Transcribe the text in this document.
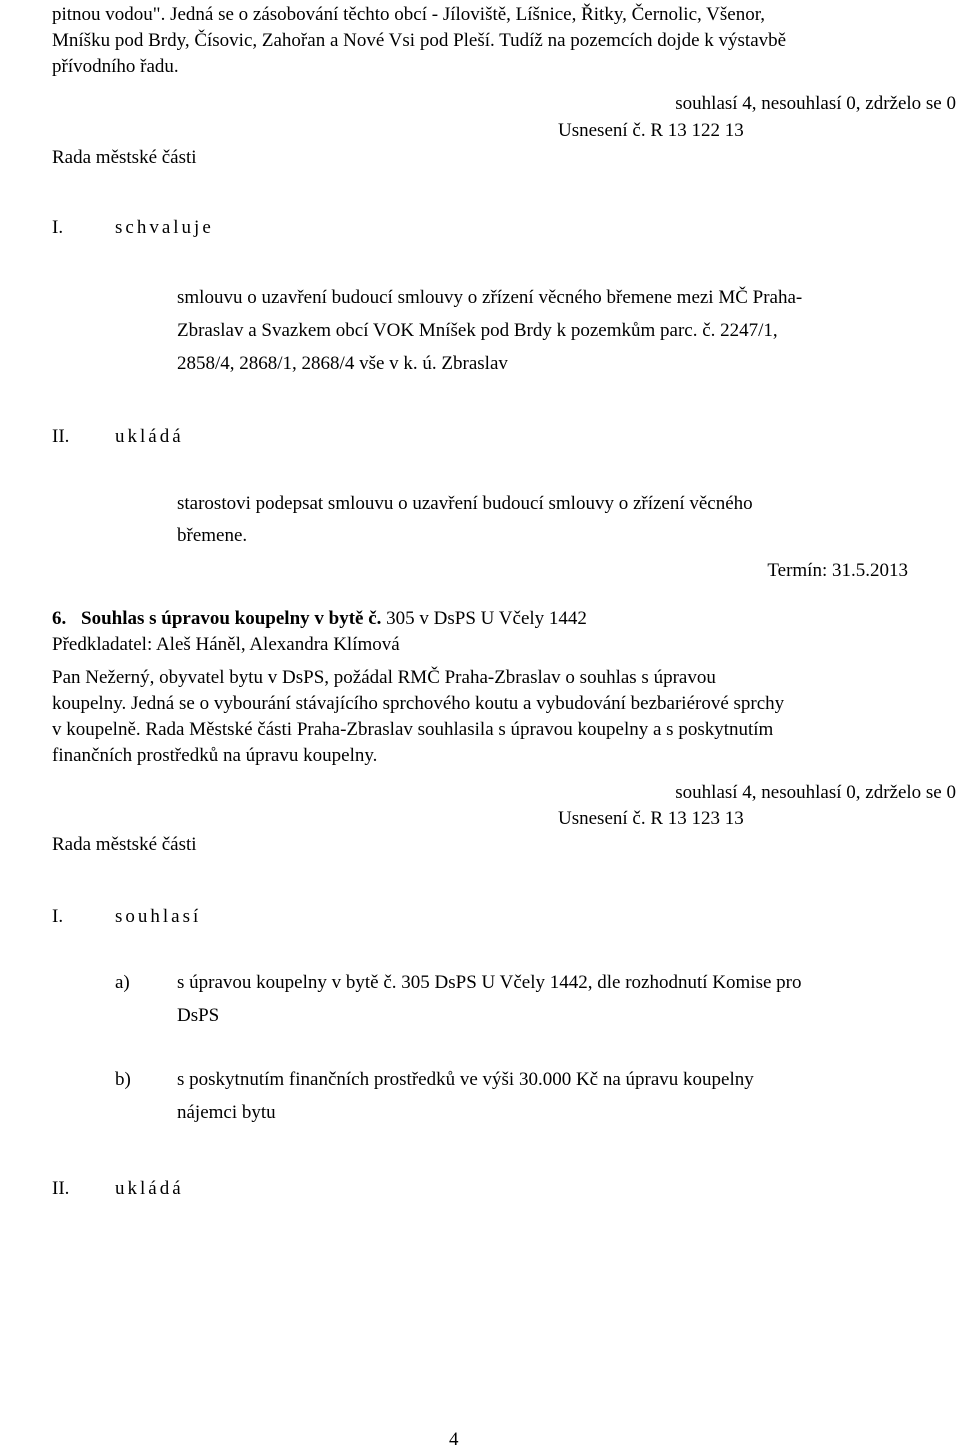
pitnou vodou". Jedná se o zásobování těchto obcí - Jíloviště, Líšnice, Řitky, Černolic, Všenor,
Mníšku pod Brdy, Čísovic, Zahořan a Nové Vsi pod Pleší. Tudíž na pozemcích dojde k výstavbě
přívodního řadu.
souhlasí 4, nesouhlasí 0, zdrželo se 0
Usnesení č. R 13 122 13
Rada městské části
I.	schvaluje
smlouvu o uzavření budoucí smlouvy o zřízení věcného břemene mezi MČ Praha-
Zbraslav a Svazkem obcí VOK Mníšek pod Brdy k pozemkům parc. č. 2247/1,
2858/4, 2868/1, 2868/4 vše v k. ú. Zbraslav
II. ukládá
starostovi podepsat smlouvu o uzavření budoucí smlouvy o zřízení věcného
břemene.
Termín: 31.5.2013
6. Souhlas s úpravou koupelny v bytě č. 305 v DsPS U Včely 1442
Předkladatel: Aleš Háněl, Alexandra Klímová
Pan Nežerný, obyvatel bytu v DsPS, požádal RMČ Praha-Zbraslav o souhlas s úpravou
koupelny. Jedná se o vybourání stávajícího sprchového koutu a vybudování bezbariérové sprchy
v koupelně. Rada Městské části Praha-Zbraslav souhlasila s úpravou koupelny a s poskytnutím
finančních prostředků na úpravu koupelny.
souhlasí 4, nesouhlasí 0, zdrželo se 0
Usnesení č. R 13 123 13
Rada městské části
I.	souhlasí
a) s úpravou koupelny v bytě č. 305 DsPS U Včely 1442, dle rozhodnutí Komise pro
DsPS
b) s poskytnutím finančních prostředků ve výši 30.000 Kč na úpravu koupelny
nájemci bytu
II. ukládá
4
